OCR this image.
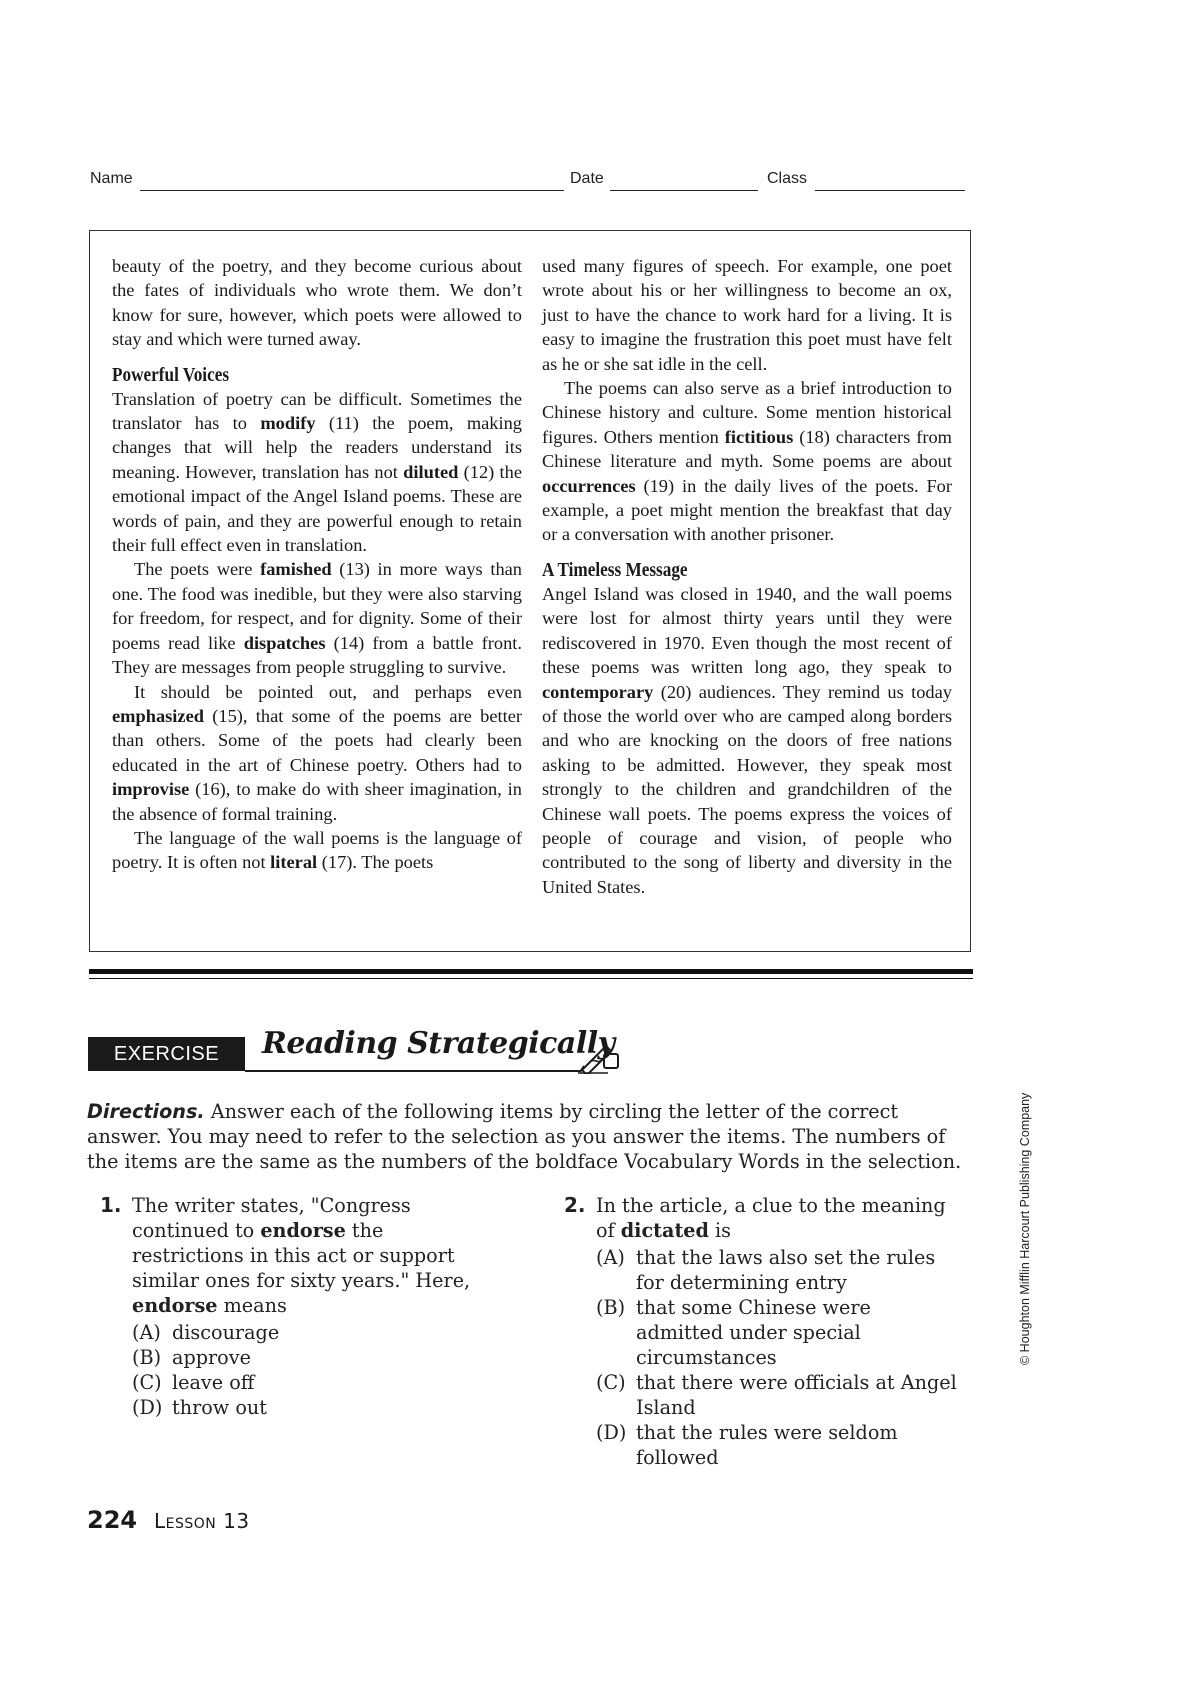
Name	Date	Class

beauty of the poetry, and they become curious about the fates of individuals who wrote them. We don’t know for sure, however, which poets were allowed to stay and which were turned away.

Powerful Voices

Translation of poetry can be difficult. Sometimes the translator has to modify (11) the poem, making changes that will help the readers understand its meaning. However, translation has not diluted (12) the emotional impact of the Angel Island poems. These are words of pain, and they are powerful enough to retain their full effect even in translation.

The poets were famished (13) in more ways than one. The food was inedible, but they were also starving for freedom, for respect, and for dignity. Some of their poems read like dispatches (14) from a battle front. They are messages from people struggling to survive.

It should be pointed out, and perhaps even emphasized (15), that some of the poems are better than others. Some of the poets had clearly been educated in the art of Chinese poetry. Others had to improvise (16), to make do with sheer imagination, in the absence of formal training.

The language of the wall poems is the language of poetry. It is often not literal (17). The poets

used many figures of speech. For example, one poet wrote about his or her willingness to become an ox, just to have the chance to work hard for a living. It is easy to imagine the frustration this poet must have felt as he or she sat idle in the cell.

The poems can also serve as a brief introduction to Chinese history and culture. Some mention historical figures. Others mention fictitious (18) characters from Chinese literature and myth. Some poems are about occurrences (19) in the daily lives of the poets. For example, a poet might mention the breakfast that day or a conversation with another prisoner.

A Timeless Message

Angel Island was closed in 1940, and the wall poems were lost for almost thirty years until they were rediscovered in 1970. Even though the most recent of these poems was written long ago, they speak to contemporary (20) audiences. They remind us today of those the world over who are camped along borders and who are knocking on the doors of free nations asking to be admitted. However, they speak most strongly to the children and grandchildren of the Chinese wall poets. The poems express the voices of people of courage and vision, of people who contributed to the song of liberty and diversity in the United States.

EXERCISE	Reading Strategically
Directions. Answer each of the following items by circling the letter of the correct answer. You may need to refer to the selection as you answer the items. The numbers of the items are the same as the numbers of the boldface Vocabulary Words in the selection.
1. The writer states, "Congress continued to endorse the restrictions in this act or support similar ones for sixty years." Here, endorse means
(A) discourage
(B) approve
(C) leave off
(D) throw out
2. In the article, a clue to the meaning of dictated is
(A) that the laws also set the rules for determining entry
(B) that some Chinese were admitted under special circumstances
(C) that there were officials at Angel Island
(D) that the rules were seldom followed
224 Lesson 13
© Houghton Mifflin Harcourt Publishing Company
